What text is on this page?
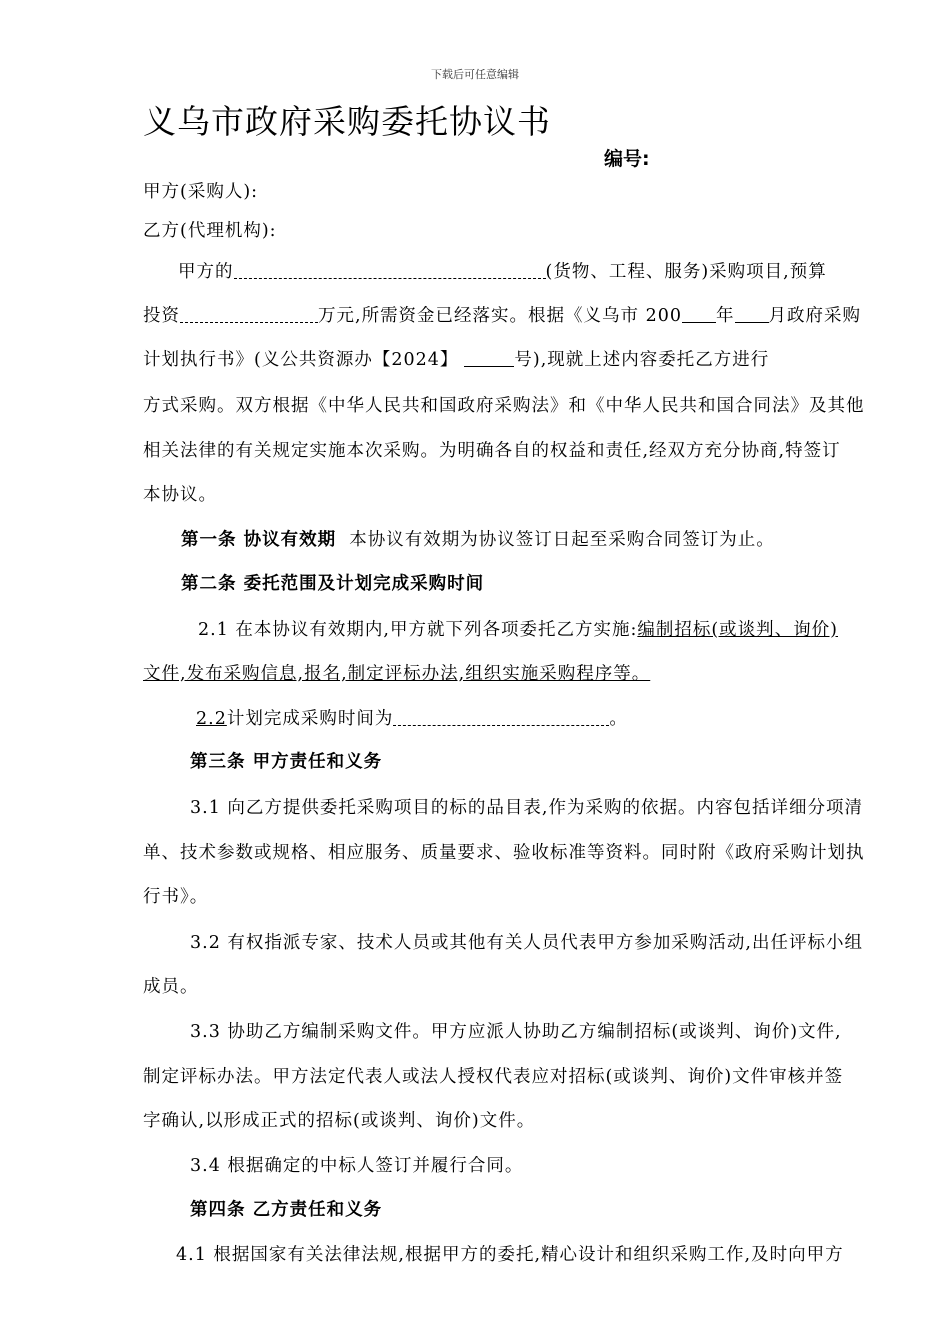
下载后可任意编辑
义乌市政府采购委托协议书
编号:
甲方(采购人):
乙方(代理机构):
甲方的	(货物、工程、服务)采购项目,预算
投资	万元,所需资金已经落实。根据《义乌市 200 年 月政府采购
计划执行书》(义公共资源办【2024】	号),现就上述内容委托乙方进行
方式采购。双方根据《中华人民共和国政府采购法》和《中华人民共和国合同法》及其他
相关法律的有关规定实施本次采购。为明确各自的权益和责任,经双方充分协商,特签订
本协议。
第一条 协议有效期 本协议有效期为协议签订日起至采购合同签订为止。
第二条 委托范围及计划完成采购时间
2.1 在本协议有效期内,甲方就下列各项委托乙方实施:编制招标(或谈判、询价)
文件,发布采购信息,报名,制定评标办法,组织实施采购程序等。
2.2计划完成采购时间为	。
第三条 甲方责任和义务
3.1 向乙方提供委托采购项目的标的品目表,作为采购的依据。内容包括详细分项清
单、技术参数或规格、相应服务、质量要求、验收标准等资料。同时附《政府采购计划执
行书》。
3.2 有权指派专家、技术人员或其他有关人员代表甲方参加采购活动,出任评标小组
成员。
3.3 协助乙方编制采购文件。甲方应派人协助乙方编制招标(或谈判、询价)文件,
制定评标办法。甲方法定代表人或法人授权代表应对招标(或谈判、询价)文件审核并签
字确认,以形成正式的招标(或谈判、询价)文件。
3.4 根据确定的中标人签订并履行合同。
第四条 乙方责任和义务
4.1 根据国家有关法律法规,根据甲方的委托,精心设计和组织采购工作,及时向甲方
